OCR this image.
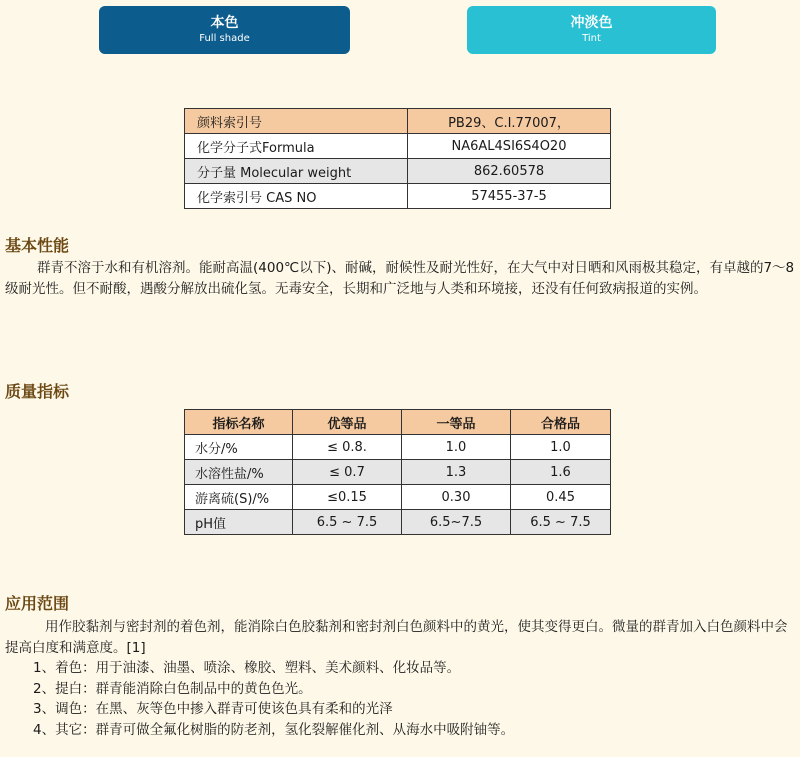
本色
Full shade
冲淡色
Tint
颜料索引号	PB29、C.I.77007，
化学分子式Formula	NA6AL4SI6S4O20
分子量 Molecular weight	862.60578
化学索引号 CAS NO	57455-37-5
基本性能

群青不溶于水和有机溶剂。能耐高温(400℃以下)、耐碱，耐候性及耐光性好，在大气中对日晒和风雨极其稳定，有卓越的7～8级耐光性。但不耐酸，遇酸分解放出硫化氢。无毒安全，长期和广泛地与人类和环境接，还没有任何致病报道的实例。

质量指标
指标名称	优等品	一等品	合格品
水分/%	≤ 0.8.	1.0	1.0
水溶性盐/%	≤ 0.7	1.3	1.6
游离硫(S)/%	≤0.15	0.30	0.45
pH值	6.5 ~ 7.5	6.5~7.5	6.5 ~ 7.5
应用范围

用作胶黏剂与密封剂的着色剂，能消除白色胶黏剂和密封剂白色颜料中的黄光，使其变得更白。微量的群青加入白色颜料中会提高白度和满意度。[1]

1、着色：用于油漆、油墨、喷涂、橡胶、塑料、美术颜料、化妆品等。
2、提白：群青能消除白色制品中的黄色色光。
3、调色：在黑、灰等色中掺入群青可使该色具有柔和的光泽
4、其它：群青可做全氟化树脂的防老剂，氢化裂解催化剂、从海水中吸附铀等。
